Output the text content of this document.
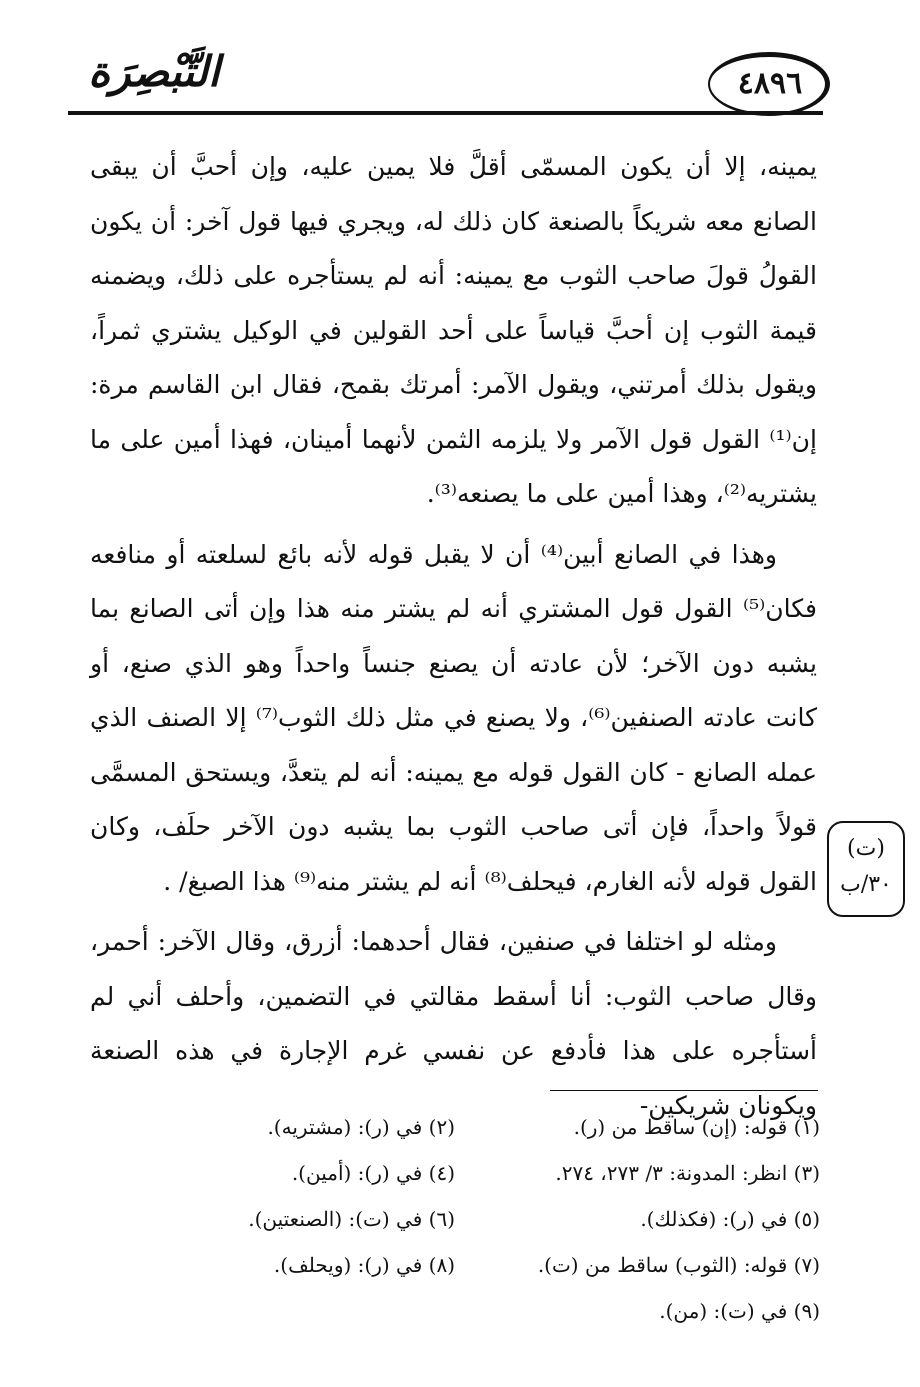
التَّبْصِرَة	٤٨٩٦

يمينه، إلا أن يكون المسمّى أقلَّ فلا يمين عليه، وإن أحبَّ أن يبقى الصانع معه شريكاً بالصنعة كان ذلك له، ويجري فيها قول آخر: أن يكون القولُ قولَ صاحب الثوب مع يمينه: أنه لم يستأجره على ذلك، ويضمنه قيمة الثوب إن أحبَّ قياساً على أحد القولين في الوكيل يشتري ثمراً، ويقول بذلك أمرتني، ويقول الآمر: أمرتك بقمح، فقال ابن القاسم مرة: إن⁽¹⁾ القول قول الآمر ولا يلزمه الثمن لأنهما أمينان، فهذا أمين على ما يشتريه⁽²⁾، وهذا أمين على ما يصنعه⁽³⁾.

وهذا في الصانع أبين⁽⁴⁾ أن لا يقبل قوله لأنه بائع لسلعته أو منافعه فكان⁽⁵⁾ القول قول المشتري أنه لم يشتر منه هذا وإن أتى الصانع بما يشبه دون الآخر؛ لأن عادته أن يصنع جنساً واحداً وهو الذي صنع، أو كانت عادته الصنفين⁽⁶⁾، ولا يصنع في مثل ذلك الثوب⁽⁷⁾ إلا الصنف الذي عمله الصانع - كان القول قوله مع يمينه: أنه لم يتعدَّ، ويستحق المسمَّى قولاً واحداً، فإن أتى صاحب الثوب بما يشبه دون الآخر حلَف، وكان القول قوله لأنه الغارم، فيحلف⁽⁸⁾ أنه لم يشتر منه⁽⁹⁾ هذا الصبغ/ .

ومثله لو اختلفا في صنفين، فقال أحدهما: أزرق، وقال الآخر: أحمر، وقال صاحب الثوب: أنا أسقط مقالتي في التضمين، وأحلف أني لم أستأجره على هذا فأدفع عن نفسي غرم الإجارة في هذه الصنعة ويكونان شريكين-

(ت)
٣٠/ب
(١) قوله: (إن) ساقط من (ر).
(٢) في (ر): (مشتريه).
(٣) انظر: المدونة: ٣/ ٢٧٣، ٢٧٤.
(٤) في (ر): (أمين).
(٥) في (ر): (فكذلك).
(٦) في (ت): (الصنعتين).
(٧) قوله: (الثوب) ساقط من (ت).
(٨) في (ر): (ويحلف).
(٩) في (ت): (من).
